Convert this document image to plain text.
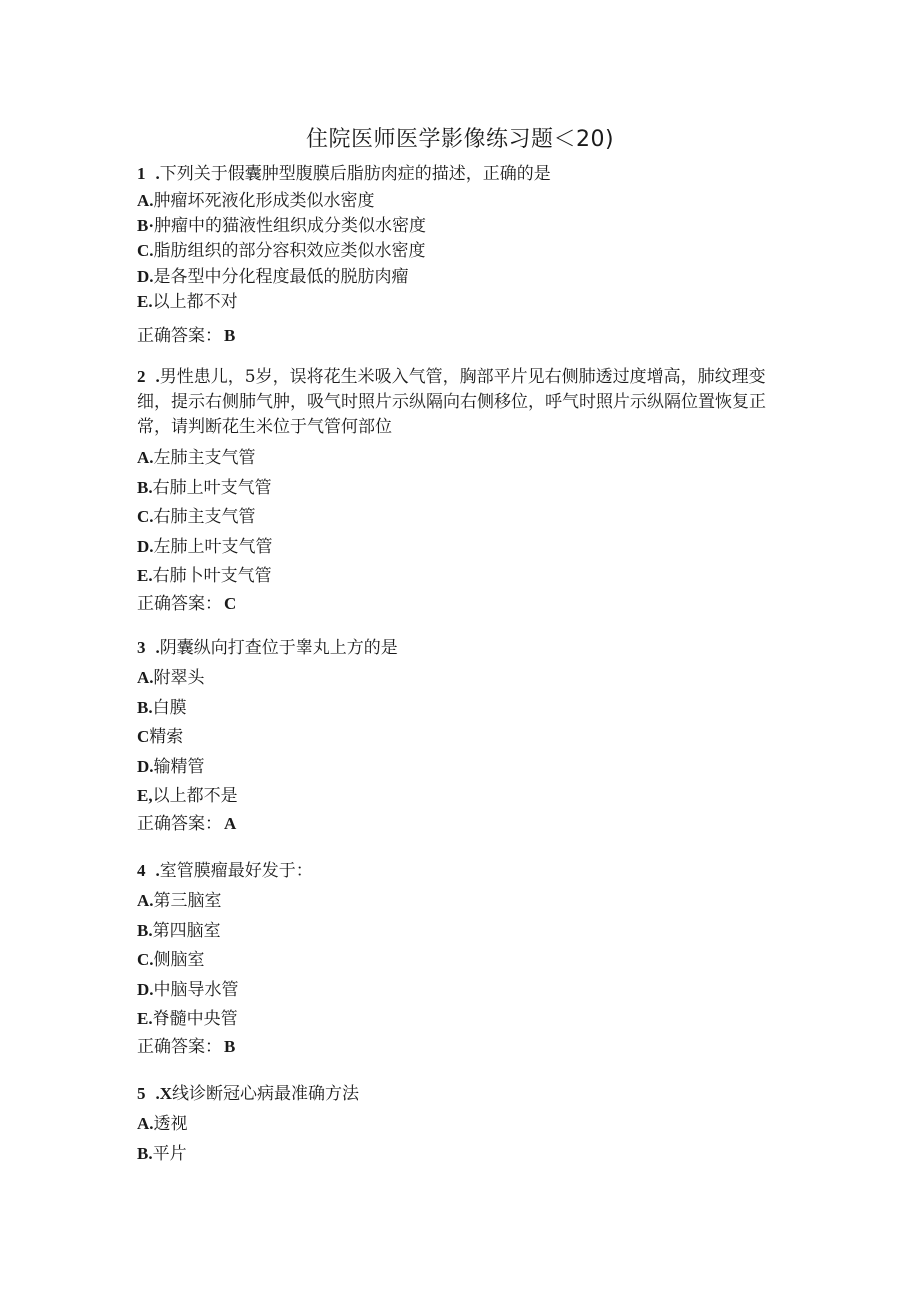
住院医师医学影像练习题＜20)
1 .下列关于假囊肿型腹膜后脂肪肉症的描述，正确的是
A.肿瘤坏死液化形成类似水密度
B·肿瘤中的猫液性组织成分类似水密度
C.脂肪组织的部分容积效应类似水密度
D.是各型中分化程度最低的脱肪肉瘤
E.以上都不对
正确答案： B
2 .男性患儿，5岁，误将花生米吸入气管，胸部平片见右侧肺透过度增高，肺纹理变细，提示右侧肺气肿，吸气时照片示纵隔向右侧移位，呼气时照片示纵隔位置恢复正常，请判断花生米位于气管何部位
A.左肺主支气管
B.右肺上叶支气管
C.右肺主支气管
D.左肺上叶支气管
E.右肺卜叶支气管
正确答案： C
3 .阴囊纵向打查位于睾丸上方的是
A.附翠头
B.白膜
C精索
D.输精管
E,以上都不是
正确答案： A
4 .室管膜瘤最好发于：
A.第三脑室
B.第四脑室
C.侧脑室
D.中脑导水管
E.脊髓中央管
正确答案： B
5 .X线诊断冠心病最准确方法
A.透视
B.平片
